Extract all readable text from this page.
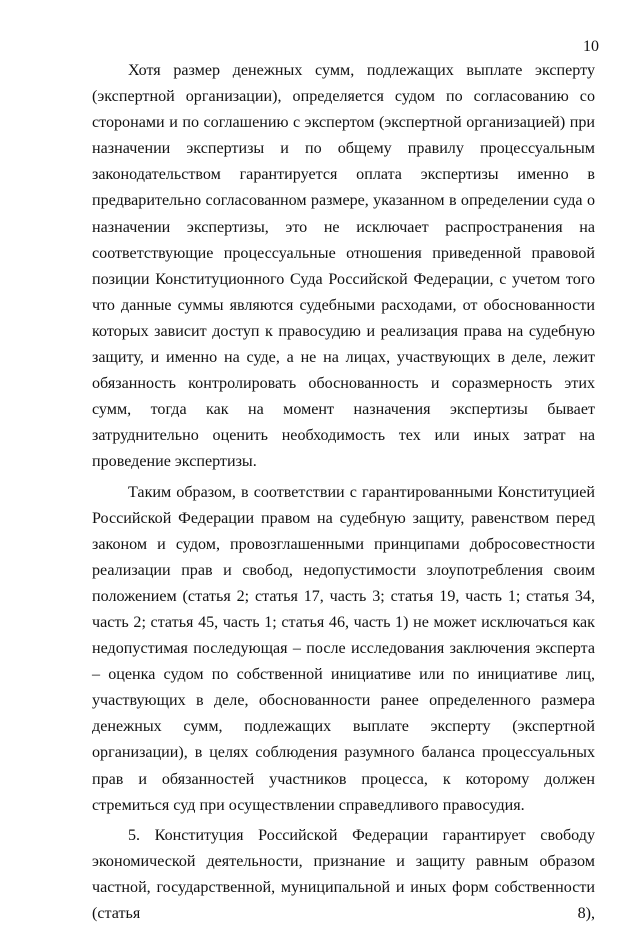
10

Хотя размер денежных сумм, подлежащих выплате эксперту (экспертной организации), определяется судом по согласованию со сторонами и по соглашению с экспертом (экспертной организацией) при назначении экспертизы и по общему правилу процессуальным законодательством гарантируется оплата экспертизы именно в предварительно согласованном размере, указанном в определении суда о назначении экспертизы, это не исключает распространения на соответствующие процессуальные отношения приведенной правовой позиции Конституционного Суда Российской Федерации, с учетом того что данные суммы являются судебными расходами, от обоснованности которых зависит доступ к правосудию и реализация права на судебную защиту, и именно на суде, а не на лицах, участвующих в деле, лежит обязанность контролировать обоснованность и соразмерность этих сумм, тогда как на момент назначения экспертизы бывает затруднительно оценить необходимость тех или иных затрат на проведение экспертизы.

Таким образом, в соответствии с гарантированными Конституцией Российской Федерации правом на судебную защиту, равенством перед законом и судом, провозглашенными принципами добросовестности реализации прав и свобод, недопустимости злоупотребления своим положением (статья 2; статья 17, часть 3; статья 19, часть 1; статья 34, часть 2; статья 45, часть 1; статья 46, часть 1) не может исключаться как недопустимая последующая – после исследования заключения эксперта – оценка судом по собственной инициативе или по инициативе лиц, участвующих в деле, обоснованности ранее определенного размера денежных сумм, подлежащих выплате эксперту (экспертной организации), в целях соблюдения разумного баланса процессуальных прав и обязанностей участников процесса, к которому должен стремиться суд при осуществлении справедливого правосудия.

5. Конституция Российской Федерации гарантирует свободу экономической деятельности, признание и защиту равным образом частной, государственной, муниципальной и иных форм собственности (статья 8),
